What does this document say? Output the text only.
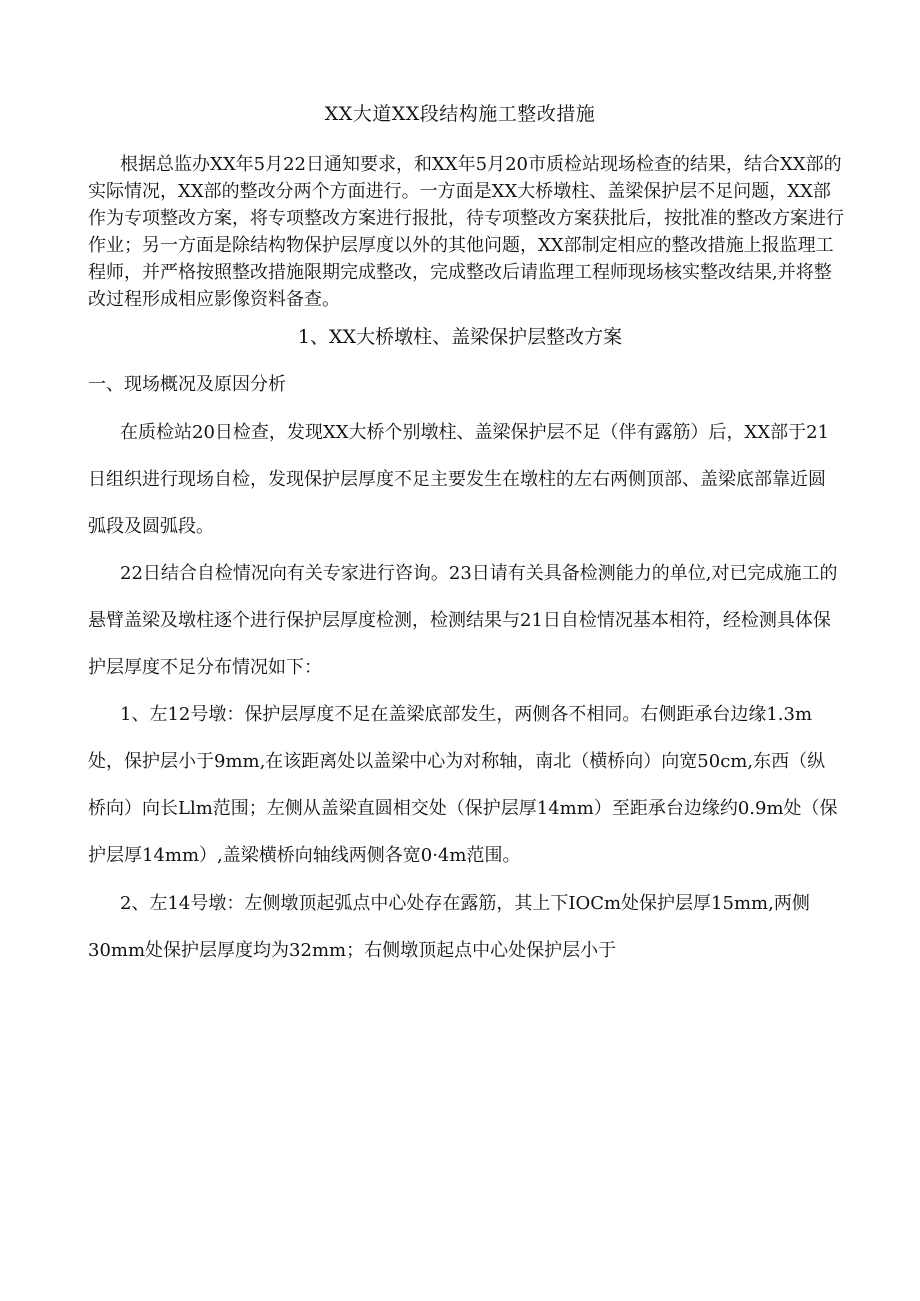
XX大道XX段结构施工整改措施
根据总监办XX年5月22日通知要求，和XX年5月20市质检站现场检查的结果，结合XX部的实际情况，XX部的整改分两个方面进行。一方面是XX大桥墩柱、盖梁保护层不足问题，XX部作为专项整改方案，将专项整改方案进行报批，待专项整改方案获批后，按批准的整改方案进行作业；另一方面是除结构物保护层厚度以外的其他问题，XX部制定相应的整改措施上报监理工程师，并严格按照整改措施限期完成整改，完成整改后请监理工程师现场核实整改结果,并将整改过程形成相应影像资料备查。
1、XX大桥墩柱、盖梁保护层整改方案
一、现场概况及原因分析

在质检站20日检查，发现XX大桥个别墩柱、盖梁保护层不足（伴有露筋）后，XX部于21日组织进行现场自检，发现保护层厚度不足主要发生在墩柱的左右两侧顶部、盖梁底部靠近圆弧段及圆弧段。

22日结合自检情况向有关专家进行咨询。23日请有关具备检测能力的单位,对已完成施工的悬臂盖梁及墩柱逐个进行保护层厚度检测，检测结果与21日自检情况基本相符，经检测具体保护层厚度不足分布情况如下：

1、左12号墩：保护层厚度不足在盖梁底部发生，两侧各不相同。右侧距承台边缘1.3m处，保护层小于9mm,在该距离处以盖梁中心为对称轴，南北（横桥向）向宽50cm,东西（纵桥向）向长Llm范围；左侧从盖梁直圆相交处（保护层厚14mm）至距承台边缘约0.9m处（保护层厚14mm）,盖梁横桥向轴线两侧各宽0·4m范围。

2、左14号墩：左侧墩顶起弧点中心处存在露筋，其上下IOCm处保护层厚15mm,两侧30mm处保护层厚度均为32mm；右侧墩顶起点中心处保护层小于
